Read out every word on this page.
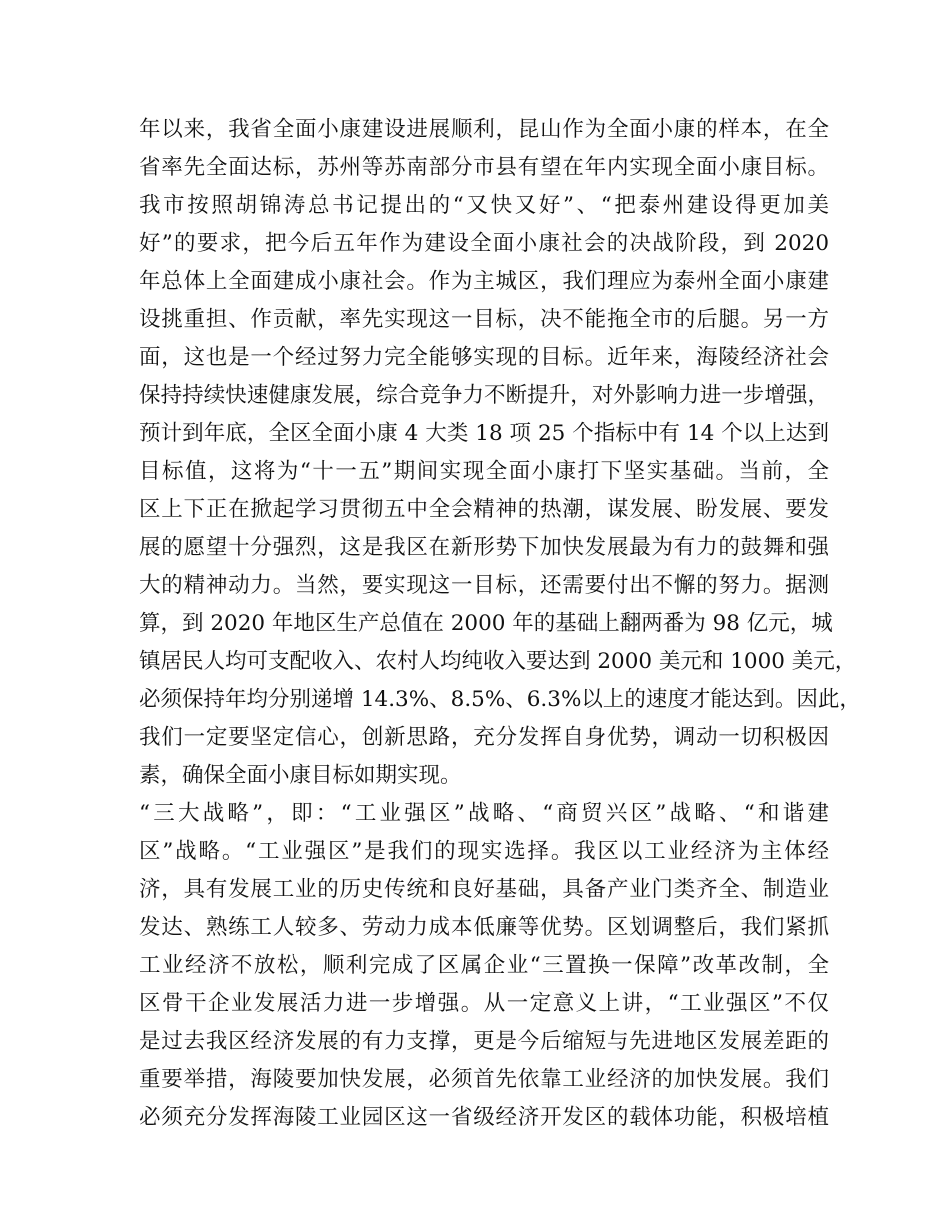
年以来，我省全面小康建设进展顺利，昆山作为全面小康的样本，在全
省率先全面达标，苏州等苏南部分市县有望在年内实现全面小康目标。
我市按照胡锦涛总书记提出的“又快又好”、“把泰州建设得更加美
好”的要求，把今后五年作为建设全面小康社会的决战阶段，到 2020
年总体上全面建成小康社会。作为主城区，我们理应为泰州全面小康建
设挑重担、作贡献，率先实现这一目标，决不能拖全市的后腿。另一方
面，这也是一个经过努力完全能够实现的目标。近年来，海陵经济社会
保持持续快速健康发展，综合竞争力不断提升，对外影响力进一步增强，
预计到年底，全区全面小康 4 大类 18 项 25 个指标中有 14 个以上达到
目标值，这将为“十一五”期间实现全面小康打下坚实基础。当前，全
区上下正在掀起学习贯彻五中全会精神的热潮，谋发展、盼发展、要发
展的愿望十分强烈，这是我区在新形势下加快发展最为有力的鼓舞和强
大的精神动力。当然，要实现这一目标，还需要付出不懈的努力。据测
算，到 2020 年地区生产总值在 2000 年的基础上翻两番为 98 亿元，城
镇居民人均可支配收入、农村人均纯收入要达到 2000 美元和 1000 美元，
必须保持年均分别递增 14.3%、8.5%、6.3%以上的速度才能达到。因此，
我们一定要坚定信心，创新思路，充分发挥自身优势，调动一切积极因
素，确保全面小康目标如期实现。
“三大战略”，即：“工业强区”战略、“商贸兴区”战略、“和谐建
区”战略。“工业强区”是我们的现实选择。我区以工业经济为主体经
济，具有发展工业的历史传统和良好基础，具备产业门类齐全、制造业
发达、熟练工人较多、劳动力成本低廉等优势。区划调整后，我们紧抓
工业经济不放松，顺利完成了区属企业“三置换一保障”改革改制，全
区骨干企业发展活力进一步增强。从一定意义上讲，“工业强区”不仅
是过去我区经济发展的有力支撑，更是今后缩短与先进地区发展差距的
重要举措，海陵要加快发展，必须首先依靠工业经济的加快发展。我们
必须充分发挥海陵工业园区这一省级经济开发区的载体功能，积极培植
